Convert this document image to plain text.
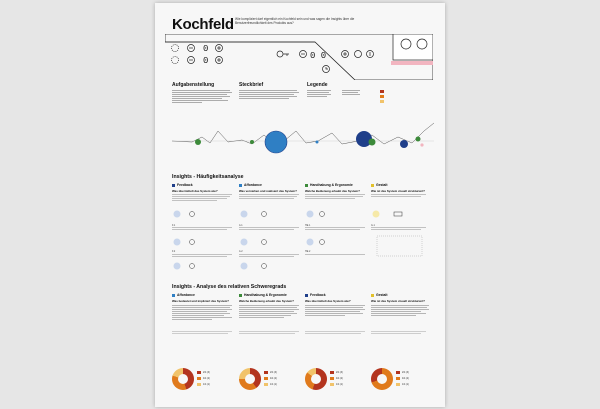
Kochfeld Wie kompliziert darf eigentlich ein Kochfeld sein und was sagen die Insights über die Benutzerfreundlichkeit des Produkts aus?
0
0	0 0
Aufgabenstellung	Steckbrief	Legende
Insights - Häufigkeitsanalyse
Feedback	Affordance	Handhabung & Ergonomie	Gestalt
Was übermittelt das System wie?	Was verstehen und realisiert das System?	Welche Bedienung erlaubt das System?	Wie ist das System visuell strukturiert?
F.1	A.1	HE.1	G.1
F.2	A.2	HE.2
Insights - Analyse des relativen Schweregrads
Affordance	Handhabung & Ergonomie	Feedback	Gestalt
Was bedeutet und impliziert das System?	Welche Bedienung erlaubt das System?	Was übermittelt das System wie?	Wie ist das System visuell strukturiert?
2/4 (3)
4/4 (2)
1/4 (1)
2/4 (3)
4/4 (2)
1/4 (1)
2/4 (3)
4/4 (2)
1/4 (1)
2/4 (3)
4/4 (2)
1/4 (1)
